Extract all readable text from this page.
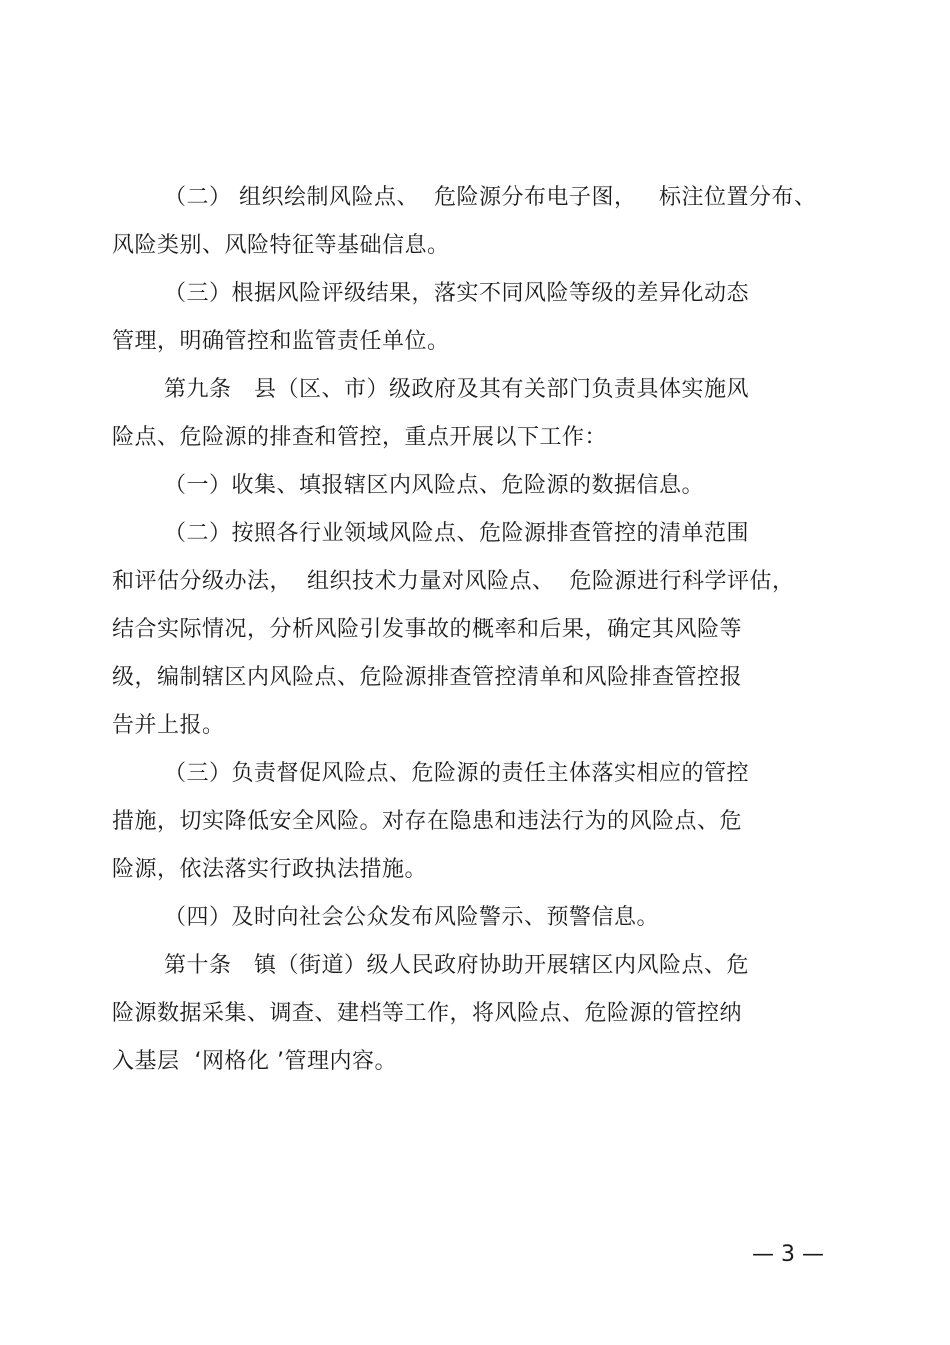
（二） 组织绘制风险点、  危险源分布电子图，   标注位置分布、
风险类别、风险特征等基础信息。
（三）根据风险评级结果，落实不同风险等级的差异化动态
管理，明确管控和监管责任单位。
第九条   县（区、市）级政府及其有关部门负责具体实施风
险点、危险源的排查和管控，重点开展以下工作：
（一）收集、填报辖区内风险点、危险源的数据信息。
（二）按照各行业领域风险点、危险源排查管控的清单范围
和评估分级办法，  组织技术力量对风险点、  危险源进行科学评估，
结合实际情况，分析风险引发事故的概率和后果，确定其风险等
级，编制辖区内风险点、危险源排查管控清单和风险排查管控报
告并上报。
（三）负责督促风险点、危险源的责任主体落实相应的管控
措施，切实降低安全风险。对存在隐患和违法行为的风险点、危
险源，依法落实行政执法措施。
（四）及时向社会公众发布风险警示、预警信息。
第十条   镇（街道）级人民政府协助开展辖区内风险点、危
险源数据采集、调查、建档等工作，将风险点、危险源的管控纳
入基层  ‘网格化 ’管理内容。
— 3 —
